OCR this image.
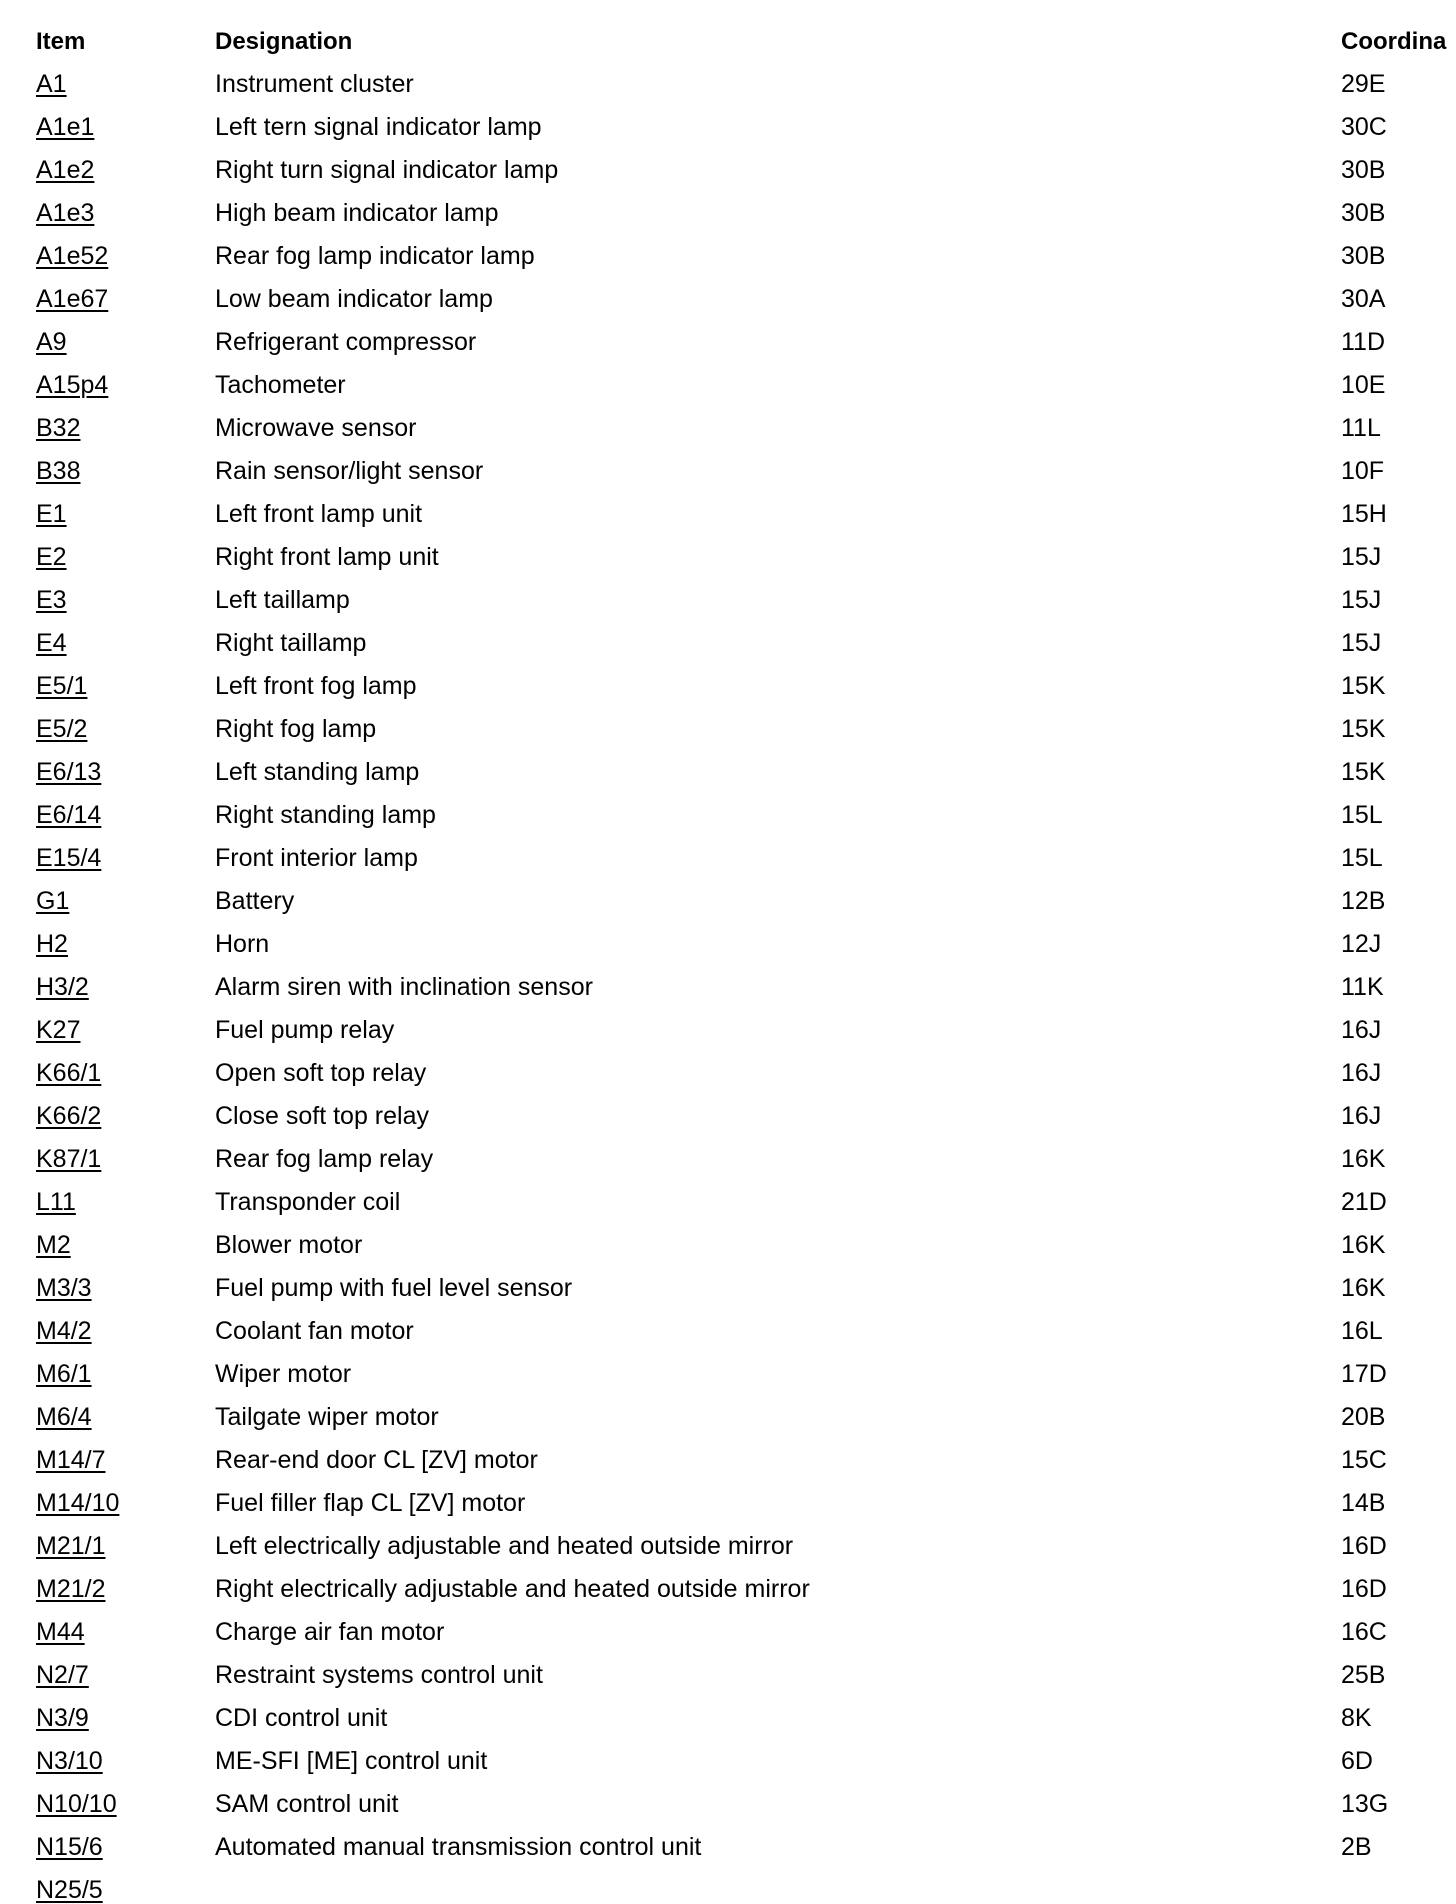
Item	Designation	Coordina
A1	Instrument cluster	29E
A1e1	Left tern signal indicator lamp	30C
A1e2	Right turn signal indicator lamp	30B
A1e3	High beam indicator lamp	30B
A1e52	Rear fog lamp indicator lamp	30B
A1e67	Low beam indicator lamp	30A
A9	Refrigerant compressor	11D
A15p4	Tachometer	10E
B32	Microwave sensor	11L
B38	Rain sensor/light sensor	10F
E1	Left front lamp unit	15H
E2	Right front lamp unit	15J
E3	Left taillamp	15J
E4	Right taillamp	15J
E5/1	Left front fog lamp	15K
E5/2	Right fog lamp	15K
E6/13	Left standing lamp	15K
E6/14	Right standing lamp	15L
E15/4	Front interior lamp	15L
G1	Battery	12B
H2	Horn	12J
H3/2	Alarm siren with inclination sensor	11K
K27	Fuel pump relay	16J
K66/1	Open soft top relay	16J
K66/2	Close soft top relay	16J
K87/1	Rear fog lamp relay	16K
L11	Transponder coil	21D
M2	Blower motor	16K
M3/3	Fuel pump with fuel level sensor	16K
M4/2	Coolant fan motor	16L
M6/1	Wiper motor	17D
M6/4	Tailgate wiper motor	20B
M14/7	Rear-end door CL [ZV] motor	15C
M14/10	Fuel filler flap CL [ZV] motor	14B
M21/1	Left electrically adjustable and heated outside mirror	16D
M21/2	Right electrically adjustable and heated outside mirror	16D
M44	Charge air fan motor	16C
N2/7	Restraint systems control unit	25B
N3/9	CDI control unit	8K
N3/10	ME-SFI [ME] control unit	6D
N10/10	SAM control unit	13G
N15/6	Automated manual transmission control unit	2B
N25/5
